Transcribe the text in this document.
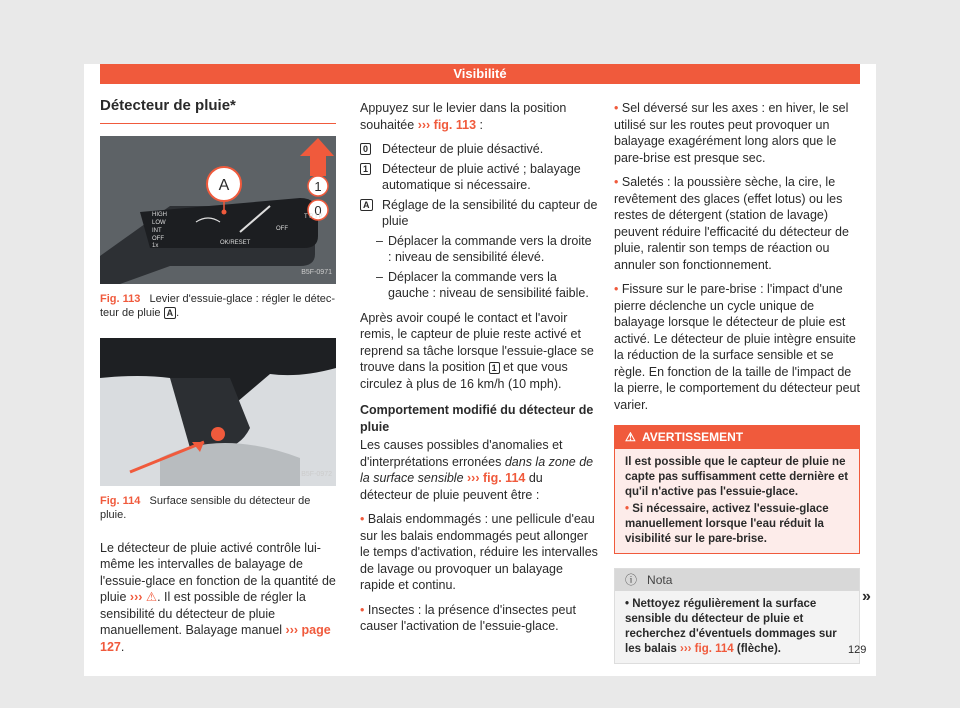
Visibilité
Détecteur de pluie*
A	1
0
HIGH
LOW
INT
OFF
1x	OK/RESET
OFF
T R I P
B5F-0971
Fig. 113 Levier d'essuie-glace : régler le détec-teur de pluie A .
B5F-0972
Fig. 114 Surface sensible du détecteur de pluie.

Le détecteur de pluie activé contrôle lui-même les intervalles de balayage de l'essuie-glace en fonction de la quantité de pluie ››› ⚠. Il est possible de régler la sensibilité du détecteur de pluie manuellement. Balayage manuel ››› page 127.

Appuyez sur le levier dans la position souhaitée ››› fig. 113 :

0 Détecteur de pluie désactivé.
1 Détecteur de pluie activé ; balayage automatique si nécessaire.
A Réglage de la sensibilité du capteur de pluie
– Déplacer la commande vers la droite : niveau de sensibilité élevé.
– Déplacer la commande vers la gauche : niveau de sensibilité faible.

Après avoir coupé le contact et l'avoir remis, le capteur de pluie reste activé et reprend sa tâche lorsque l'essuie-glace se trouve dans la position 1 et que vous circulez à plus de 16 km/h (10 mph).

Comportement modifié du détecteur de pluie

Les causes possibles d'anomalies et d'interprétations erronées dans la zone de la surface sensible ››› fig. 114 du détecteur de pluie peuvent être :

• Balais endommagés : une pellicule d'eau sur les balais endommagés peut allonger le temps d'activation, réduire les intervalles de lavage ou provoquer un balayage rapide et continu.
• Insectes : la présence d'insectes peut causer l'activation de l'essuie-glace.
• Sel déversé sur les axes : en hiver, le sel utilisé sur les routes peut provoquer un balayage exagérément long alors que le pare-brise est presque sec.
• Saletés : la poussière sèche, la cire, le revêtement des glaces (effet lotus) ou les restes de détergent (station de lavage) peuvent réduire l'efficacité du détecteur de pluie, ralentir son temps de réaction ou annuler son fonctionnement.
• Fissure sur le pare-brise : l'impact d'une pierre déclenche un cycle unique de balayage lorsque le détecteur de pluie est activé. Le détecteur de pluie intègre ensuite la réduction de la surface sensible et se règle. En fonction de la taille de l'impact de la pierre, le comportement du détecteur peut varier.
⚠ AVERTISSEMENT
Il est possible que le capteur de pluie ne capte pas suffisamment cette dernière et qu'il n'active pas l'essuie-glace.
• Si nécessaire, activez l'essuie-glace manuellement lorsque l'eau réduit la visibilité sur le pare-brise.
ⓘ Nota
• Nettoyez régulièrement la surface sensible du détecteur de pluie et recherchez d'éventuels dommages sur les balais ››› fig. 114 (flèche).
»
129
